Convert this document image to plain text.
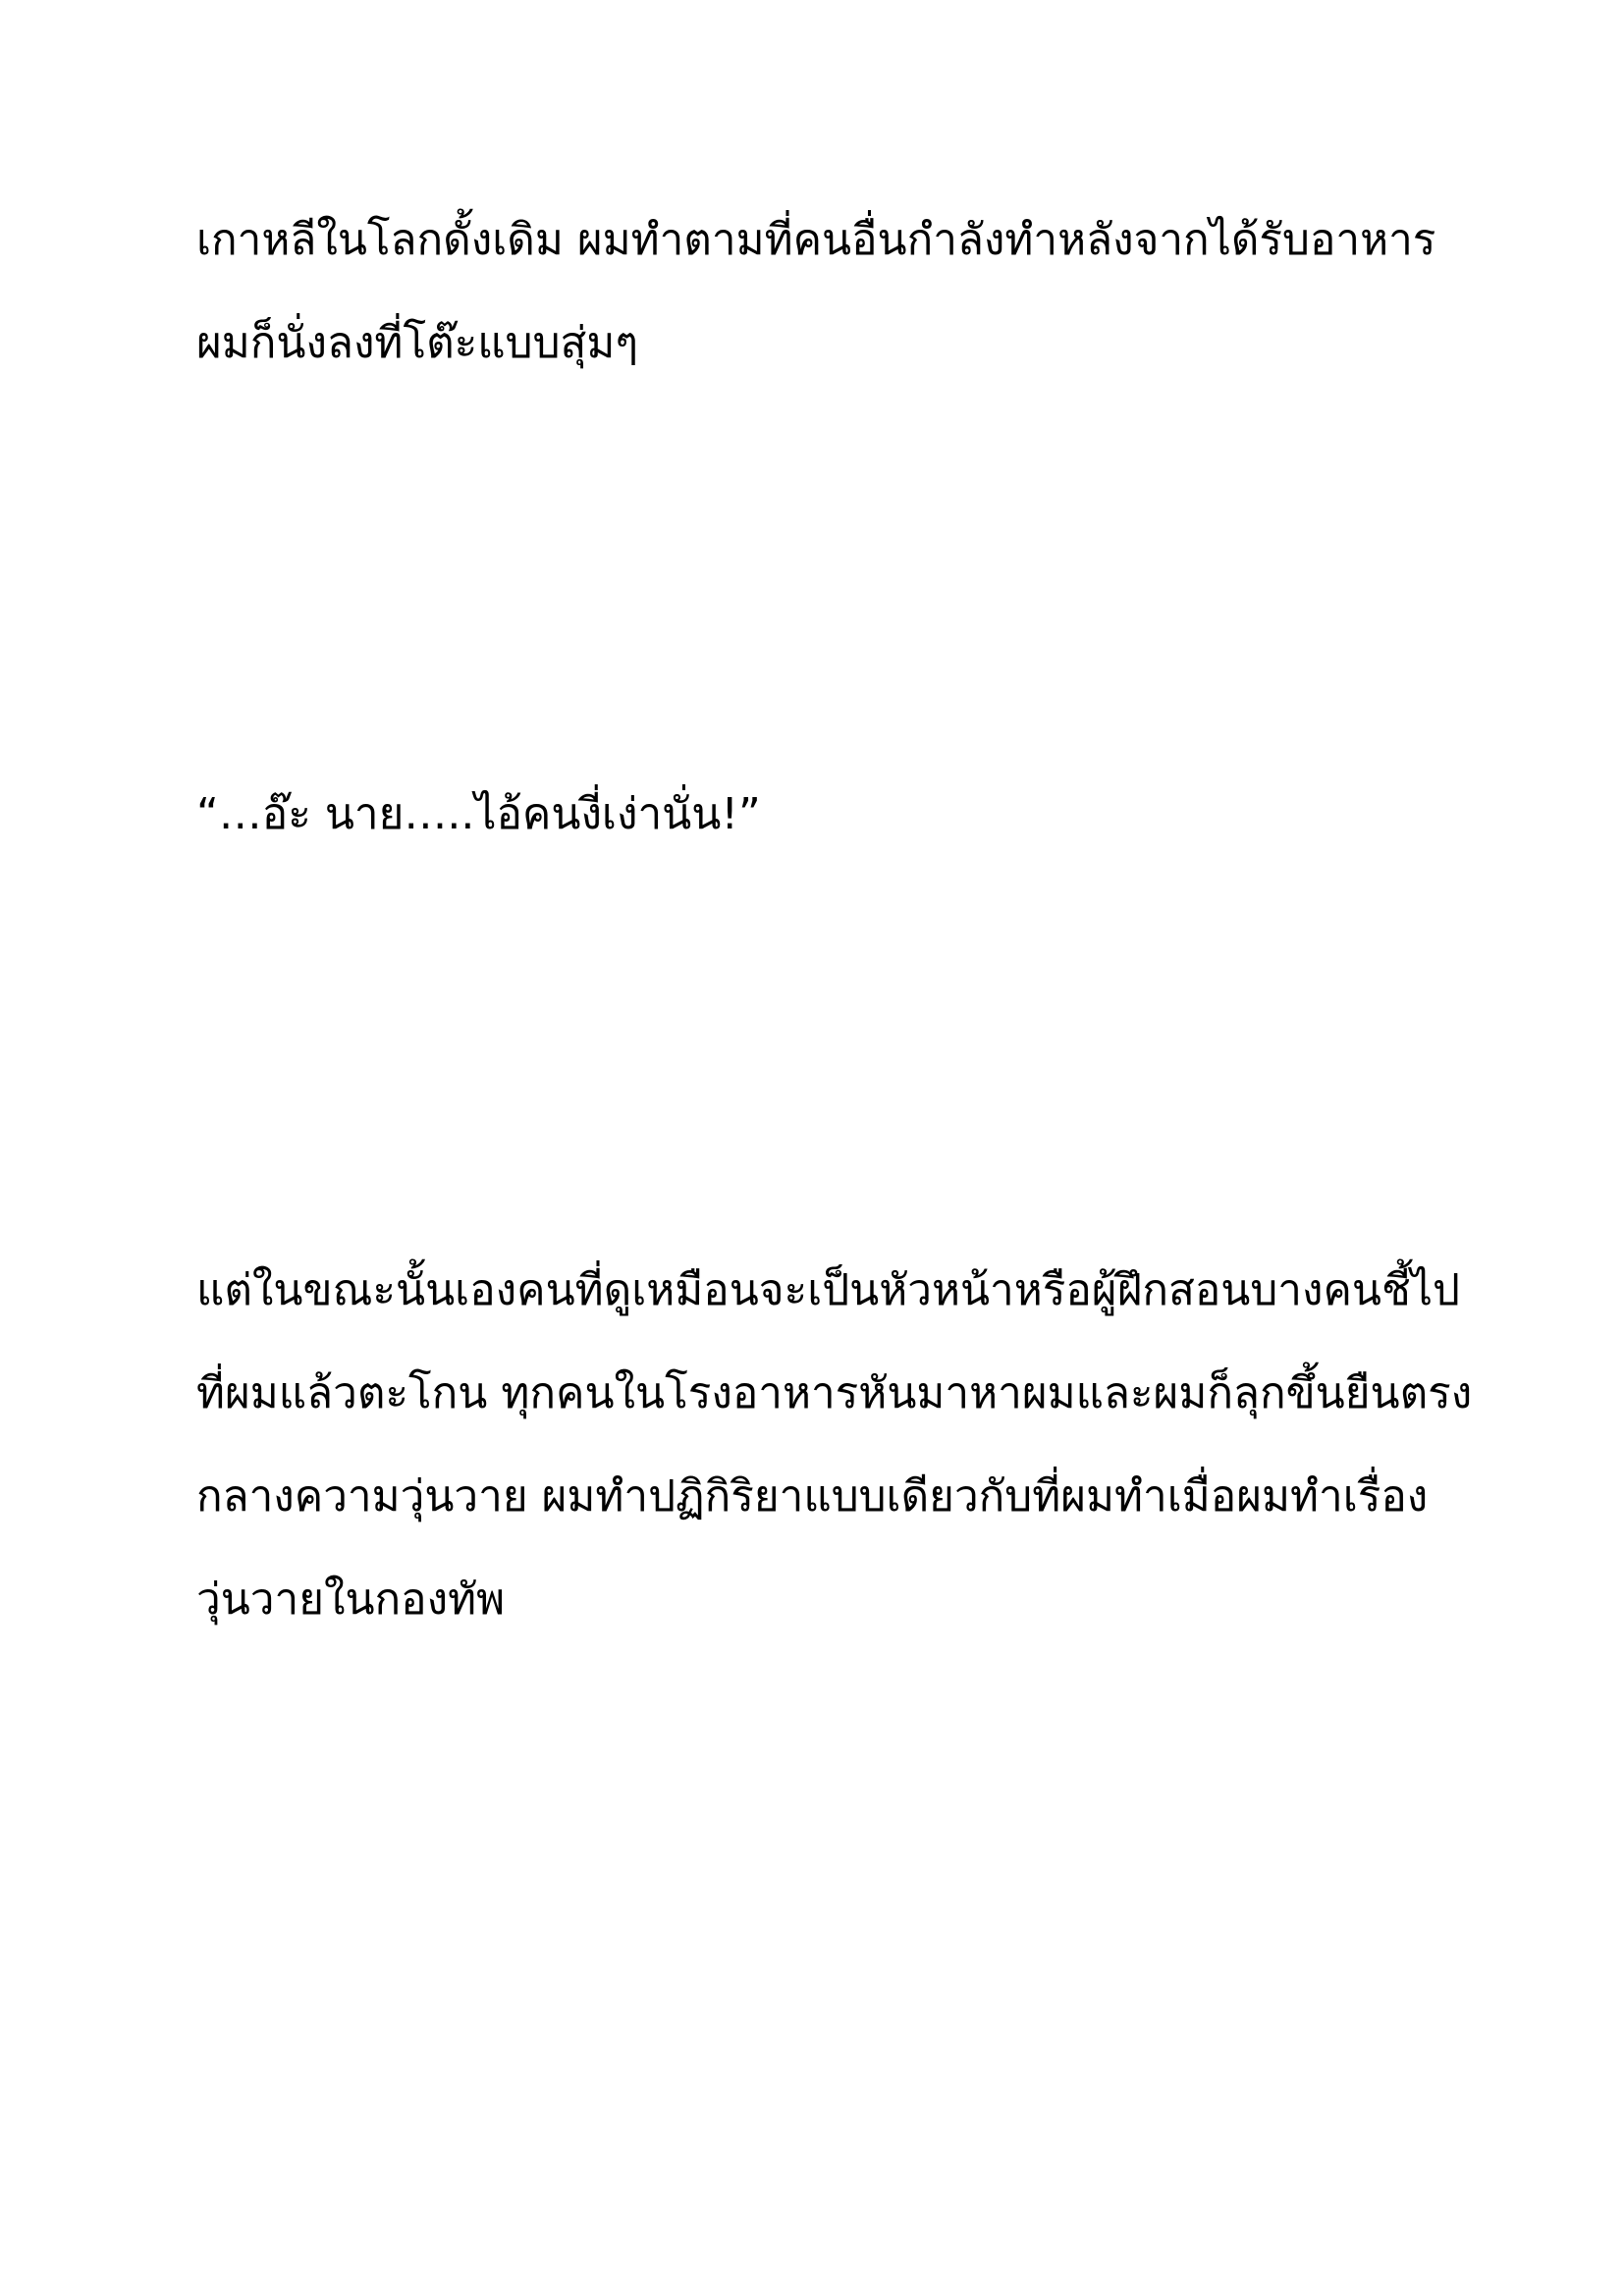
เกาหลีในโลกดั้งเดิม ผมทำตามที่คนอื่นกำลังทำหลังจากได้รับอาหาร
ผมก็นั่งลงที่โต๊ะแบบสุ่มๆ
“…อ๊ะ นาย…..ไอ้คนงี่เง่านั่น!”
แต่ในขณะนั้นเองคนที่ดูเหมือนจะเป็นหัวหน้าหรือผู้ฝึกสอนบางคนชี้ไป
ที่ผมแล้วตะโกน ทุกคนในโรงอาหารหันมาหาผมและผมก็ลุกขึ้นยืนตรง
กลางความวุ่นวาย ผมทำปฏิกิริยาแบบเดียวกับที่ผมทำเมื่อผมทำเรื่อง
วุ่นวายในกองทัพ
